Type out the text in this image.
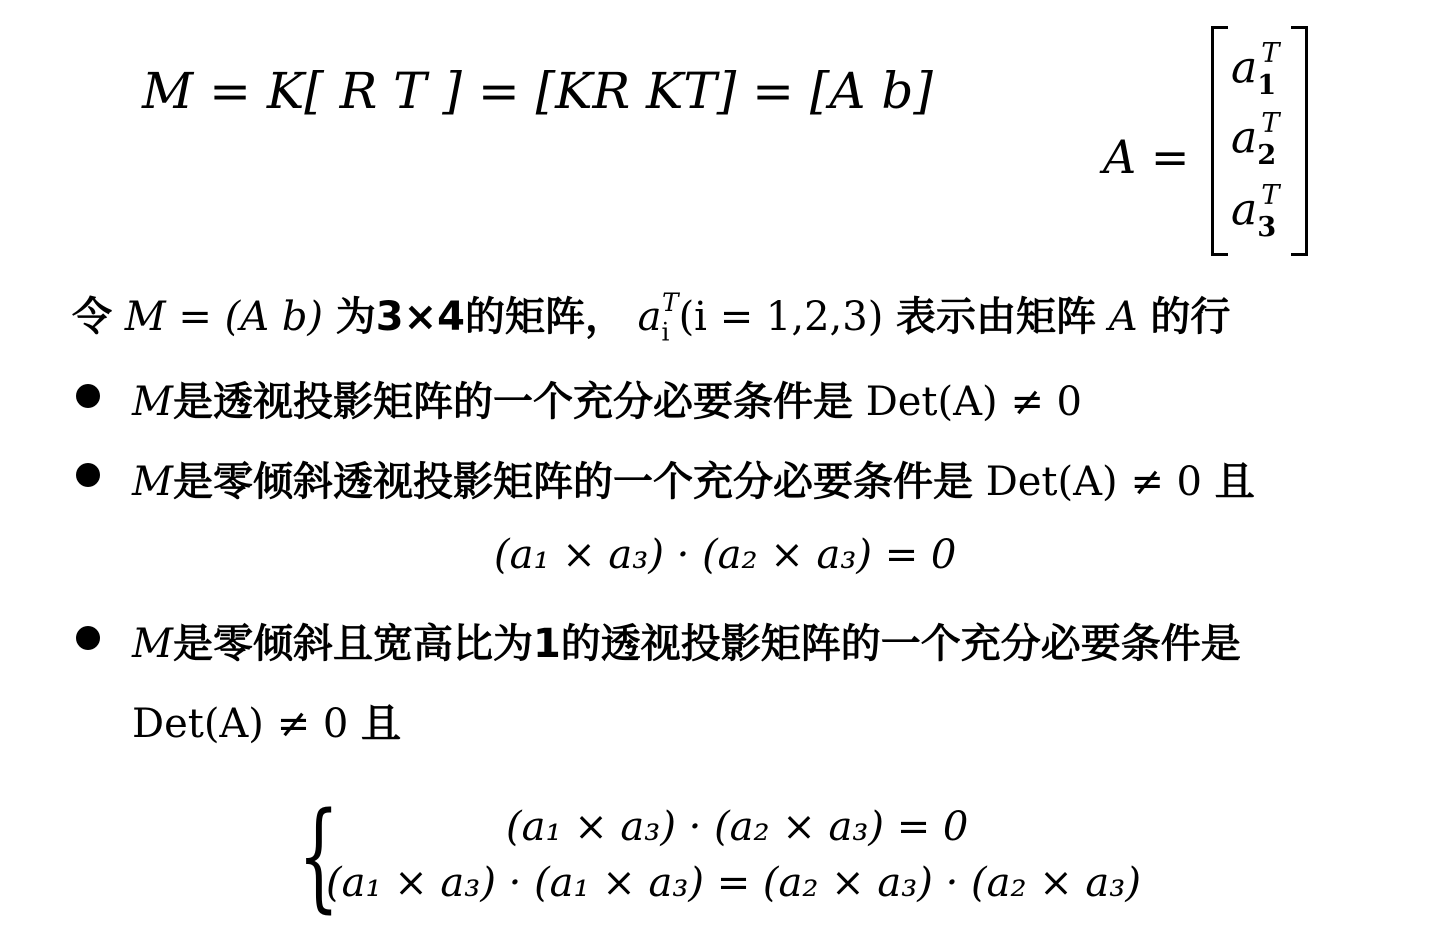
M = K[ R T ] = [KR KT] = [A b]
A =
$a_1^T$
$a_2^T$
$a_3^T$
令 M = (A b) 为3×4的矩阵， $a_i^T(i = 1,2,3)$ 表示由矩阵 A 的行
M是透视投影矩阵的一个充分必要条件是 Det(A) ≠ 0
M是零倾斜透视投影矩阵的一个充分必要条件是 Det(A) ≠ 0 且
(a₁ × a₃) · (a₂ × a₃) = 0
M是零倾斜且宽高比为1的透视投影矩阵的一个充分必要条件是
Det(A) ≠ 0 且
{	(a₁ × a₃) · (a₂ × a₃) = 0
(a₁ × a₃) · (a₁ × a₃) = (a₂ × a₃) · (a₂ × a₃)
